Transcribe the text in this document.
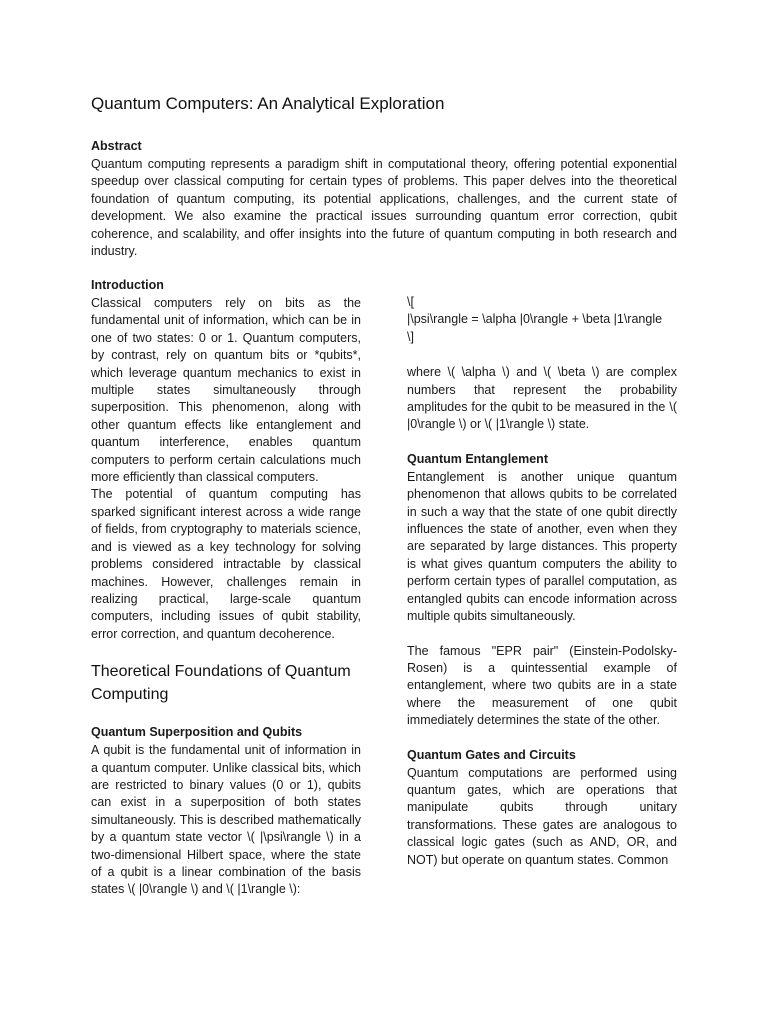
Quantum Computers: An Analytical Exploration
Abstract

Quantum computing represents a paradigm shift in computational theory, offering potential exponential speedup over classical computing for certain types of problems. This paper delves into the theoretical foundation of quantum computing, its potential applications, challenges, and the current state of development. We also examine the practical issues surrounding quantum error correction, qubit coherence, and scalability, and offer insights into the future of quantum computing in both research and industry.

Introduction

Classical computers rely on bits as the fundamental unit of information, which can be in one of two states: 0 or 1. Quantum computers, by contrast, rely on quantum bits or *qubits*, which leverage quantum mechanics to exist in multiple states simultaneously through superposition. This phenomenon, along with other quantum effects like entanglement and quantum interference, enables quantum computers to perform certain calculations much more efficiently than classical computers.

The potential of quantum computing has sparked significant interest across a wide range of fields, from cryptography to materials science, and is viewed as a key technology for solving problems considered intractable by classical machines. However, challenges remain in realizing practical, large-scale quantum computers, including issues of qubit stability, error correction, and quantum decoherence.

Theoretical Foundations of Quantum Computing
Quantum Superposition and Qubits

A qubit is the fundamental unit of information in a quantum computer. Unlike classical bits, which are restricted to binary values (0 or 1), qubits can exist in a superposition of both states simultaneously. This is described mathematically by a quantum state vector \( |\psi\rangle \) in a two-dimensional Hilbert space, where the state of a qubit is a linear combination of the basis states \( |0\rangle \) and \( |1\rangle \):

\[

|\psi\rangle = \alpha |0\rangle + \beta |1\rangle

\]

where \( \alpha \) and \( \beta \) are complex numbers that represent the probability amplitudes for the qubit to be measured in the \( |0\rangle \) or \( |1\rangle \) state.

Quantum Entanglement

Entanglement is another unique quantum phenomenon that allows qubits to be correlated in such a way that the state of one qubit directly influences the state of another, even when they are separated by large distances. This property is what gives quantum computers the ability to perform certain types of parallel computation, as entangled qubits can encode information across multiple qubits simultaneously.

The famous "EPR pair" (Einstein-Podolsky-Rosen) is a quintessential example of entanglement, where two qubits are in a state where the measurement of one qubit immediately determines the state of the other.

Quantum Gates and Circuits

Quantum computations are performed using quantum gates, which are operations that manipulate qubits through unitary transformations. These gates are analogous to classical logic gates (such as AND, OR, and NOT) but operate on quantum states. Common
